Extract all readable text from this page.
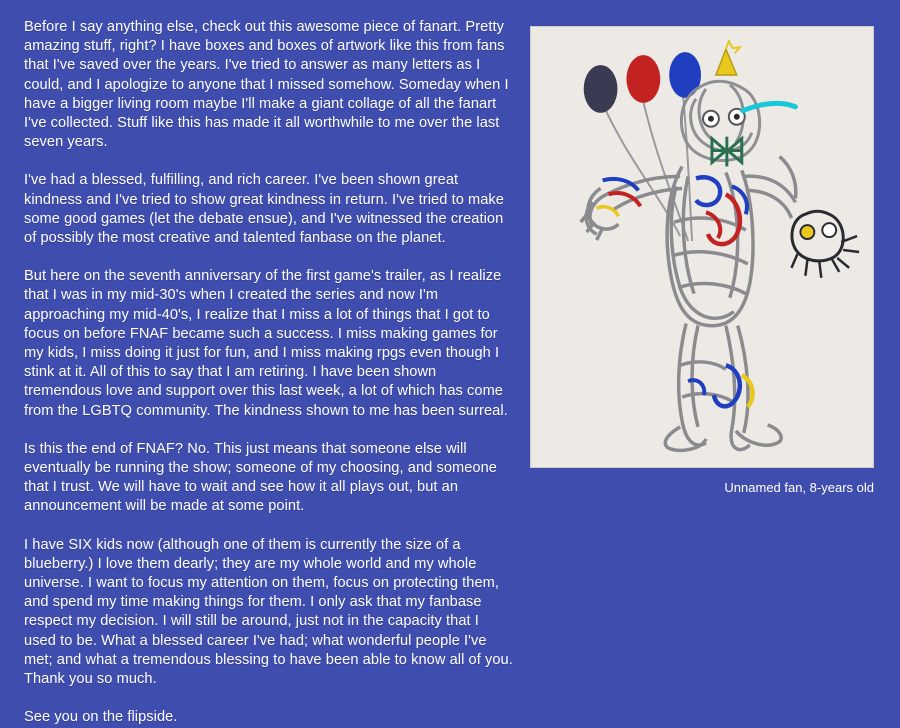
Before I say anything else, check out this awesome piece of fanart. Pretty amazing stuff, right? I have boxes and boxes of artwork like this from fans that I've saved over the years. I've tried to answer as many letters as I could, and I apologize to anyone that I missed somehow. Someday when I have a bigger living room maybe I'll make a giant collage of all the fanart I've collected. Stuff like this has made it all worthwhile to me over the last seven years.

I've had a blessed, fulfilling, and rich career. I've been shown great kindness and I've tried to show great kindness in return. I've tried to make some good games (let the debate ensue), and I've witnessed the creation of possibly the most creative and talented fanbase on the planet.

But here on the seventh anniversary of the first game's trailer, as I realize that I was in my mid-30's when I created the series and now I'm approaching my mid-40's, I realize that I miss a lot of things that I got to focus on before FNAF became such a success. I miss making games for my kids, I miss doing it just for fun, and I miss making rpgs even though I stink at it. All of this to say that I am retiring. I have been shown tremendous love and support over this last week, a lot of which has come from the LGBTQ community. The kindness shown to me has been surreal.

Is this the end of FNAF? No. This just means that someone else will eventually be running the show; someone of my choosing, and someone that I trust. We will have to wait and see how it all plays out, but an announcement will be made at some point.

I have SIX kids now (although one of them is currently the size of a blueberry.) I love them dearly; they are my whole world and my whole universe. I want to focus my attention on them, focus on protecting them, and spend my time making things for them. I only ask that my fanbase respect my decision. I will still be around, just not in the capacity that I used to be. What a blessed career I've had; what wonderful people I've met; and what a tremendous blessing to have been able to know all of you. Thank you so much.

See you on the flipside.

Unnamed fan, 8-years old
